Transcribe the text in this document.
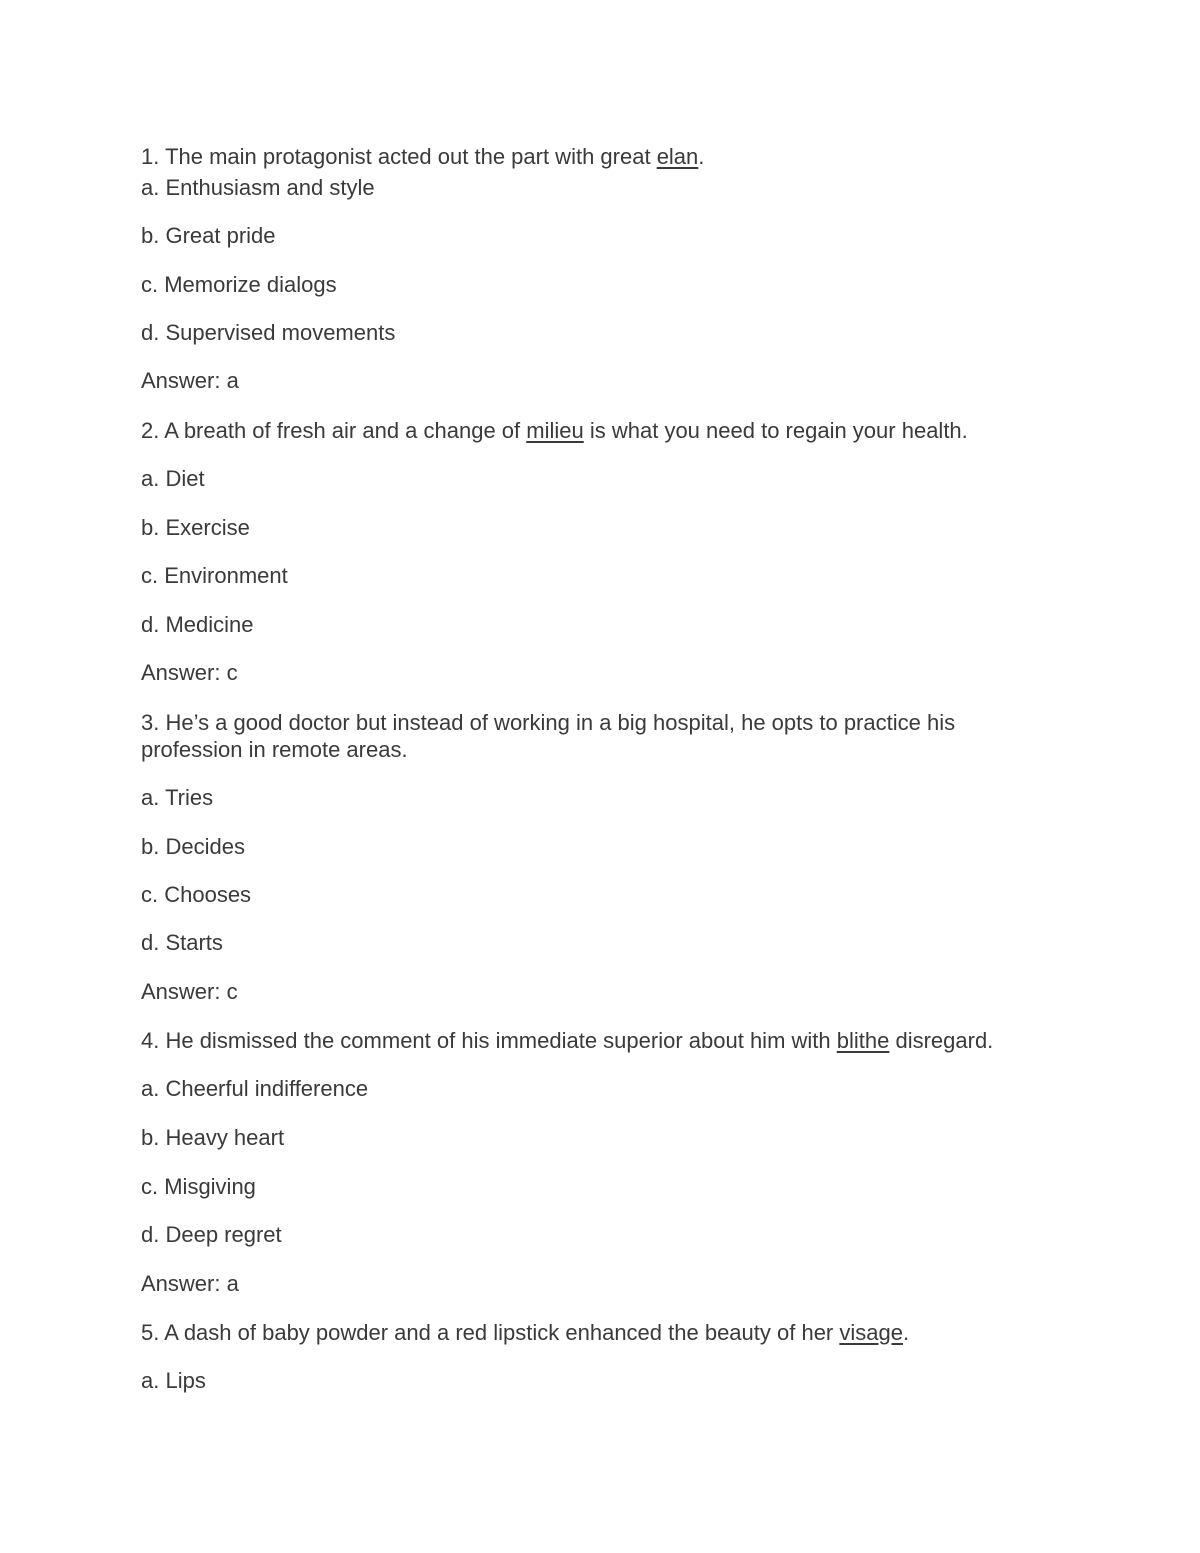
1. The main protagonist acted out the part with great elan.
a. Enthusiasm and style
b. Great pride
c. Memorize dialogs
d. Supervised movements
Answer: a
2. A breath of fresh air and a change of milieu is what you need to regain your health.
a. Diet
b. Exercise
c. Environment
d. Medicine
Answer: c
3. He’s a good doctor but instead of working in a big hospital, he opts to practice his
profession in remote areas.
a. Tries
b. Decides
c. Chooses
d. Starts
Answer: c
4. He dismissed the comment of his immediate superior about him with blithe disregard.
a. Cheerful indifference
b. Heavy heart
c. Misgiving
d. Deep regret
Answer: a
5. A dash of baby powder and a red lipstick enhanced the beauty of her visage.
a. Lips
